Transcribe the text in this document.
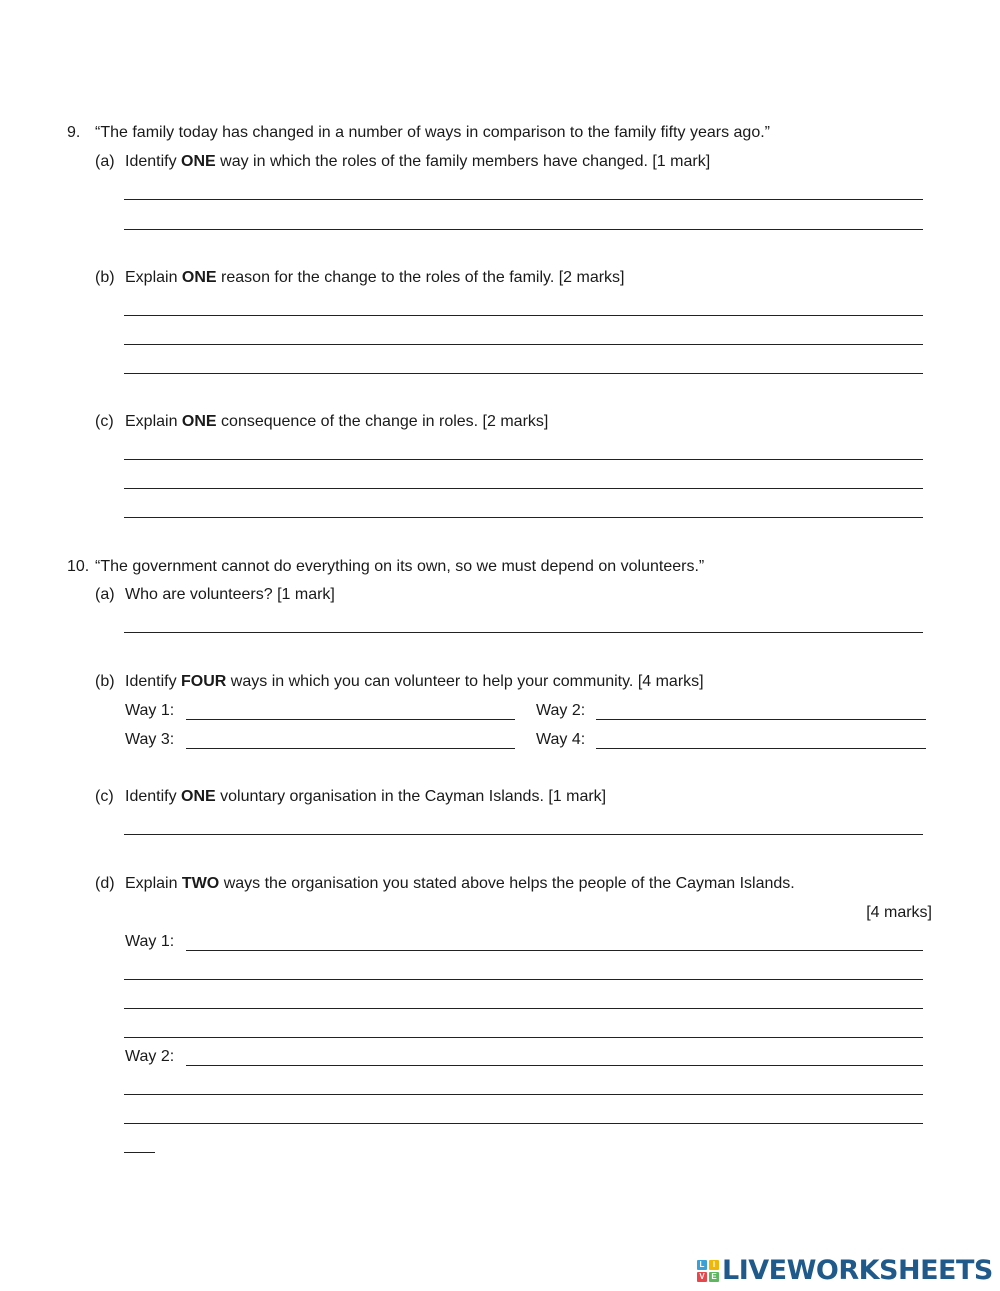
9. “The family today has changed in a number of ways in comparison to the family fifty years ago.”
(a) Identify ONE way in which the roles of the family members have changed. [1 mark]
(b) Explain ONE reason for the change to the roles of the family. [2 marks]
(c) Explain ONE consequence of the change in roles. [2 marks]
10. “The government cannot do everything on its own, so we must depend on volunteers.”
(a) Who are volunteers? [1 mark]
(b) Identify FOUR ways in which you can volunteer to help your community. [4 marks]
Way 1:	Way 2:
Way 3:	Way 4:
(c) Identify ONE voluntary organisation in the Cayman Islands. [1 mark]
(d) Explain TWO ways the organisation you stated above helps the people of the Cayman Islands.
[4 marks]
Way 1:
Way 2:
L	I
V E LIVEWORKSHEETS
